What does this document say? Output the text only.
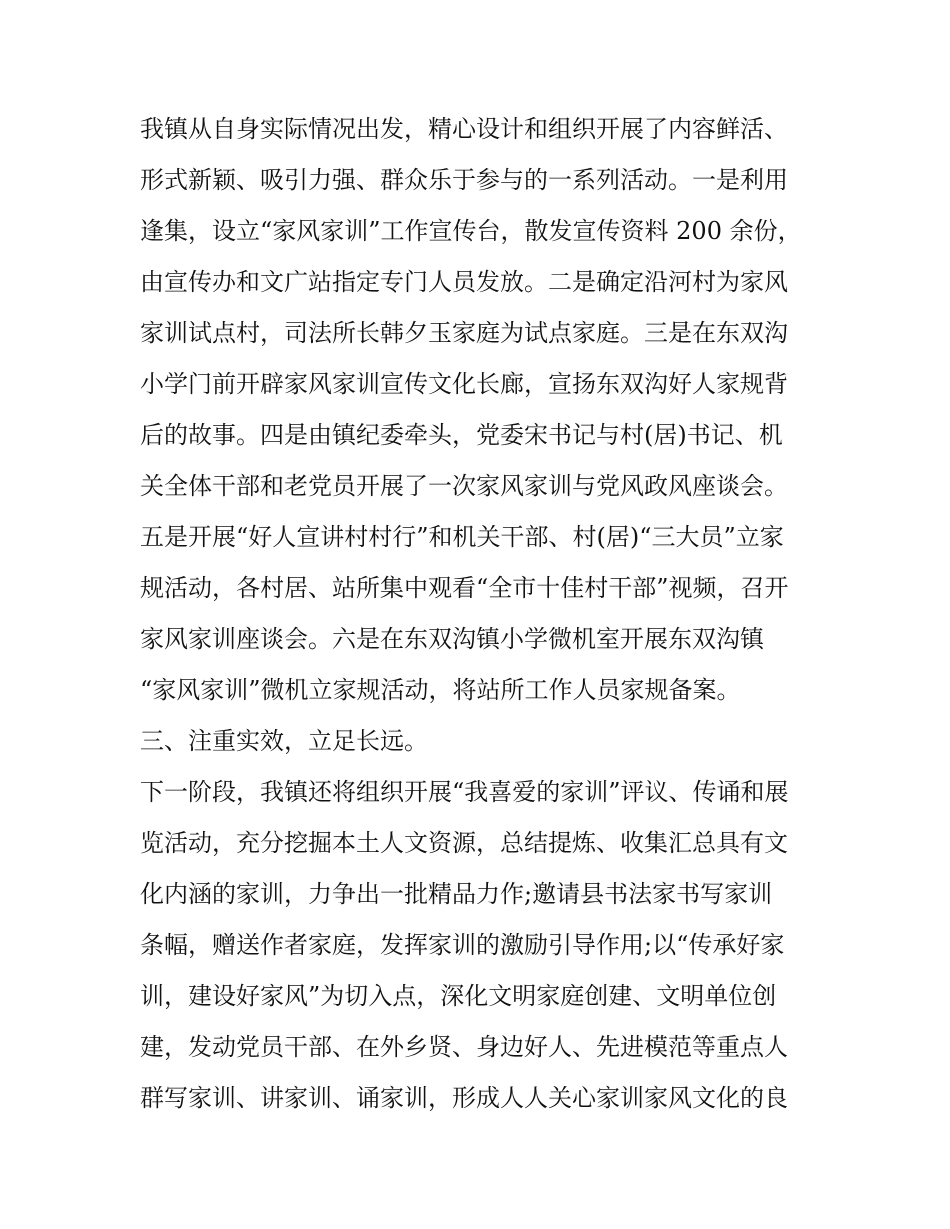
我镇从自身实际情况出发，精心设计和组织开展了内容鲜活、
形式新颖、吸引力强、群众乐于参与的一系列活动。一是利用
逢集，设立“家风家训”工作宣传台，散发宣传资料 200 余份，
由宣传办和文广站指定专门人员发放。二是确定沿河村为家风
家训试点村，司法所长韩夕玉家庭为试点家庭。三是在东双沟
小学门前开辟家风家训宣传文化长廊，宣扬东双沟好人家规背
后的故事。四是由镇纪委牵头，党委宋书记与村(居)书记、机
关全体干部和老党员开展了一次家风家训与党风政风座谈会。
五是开展“好人宣讲村村行”和机关干部、村(居)“三大员”立家
规活动，各村居、站所集中观看“全市十佳村干部”视频，召开
家风家训座谈会。六是在东双沟镇小学微机室开展东双沟镇
“家风家训”微机立家规活动，将站所工作人员家规备案。
三、注重实效，立足长远。
下一阶段，我镇还将组织开展“我喜爱的家训”评议、传诵和展
览活动，充分挖掘本土人文资源，总结提炼、收集汇总具有文
化内涵的家训，力争出一批精品力作;邀请县书法家书写家训
条幅，赠送作者家庭，发挥家训的激励引导作用;以“传承好家
训，建设好家风”为切入点，深化文明家庭创建、文明单位创
建，发动党员干部、在外乡贤、身边好人、先进模范等重点人
群写家训、讲家训、诵家训，形成人人关心家训家风文化的良
